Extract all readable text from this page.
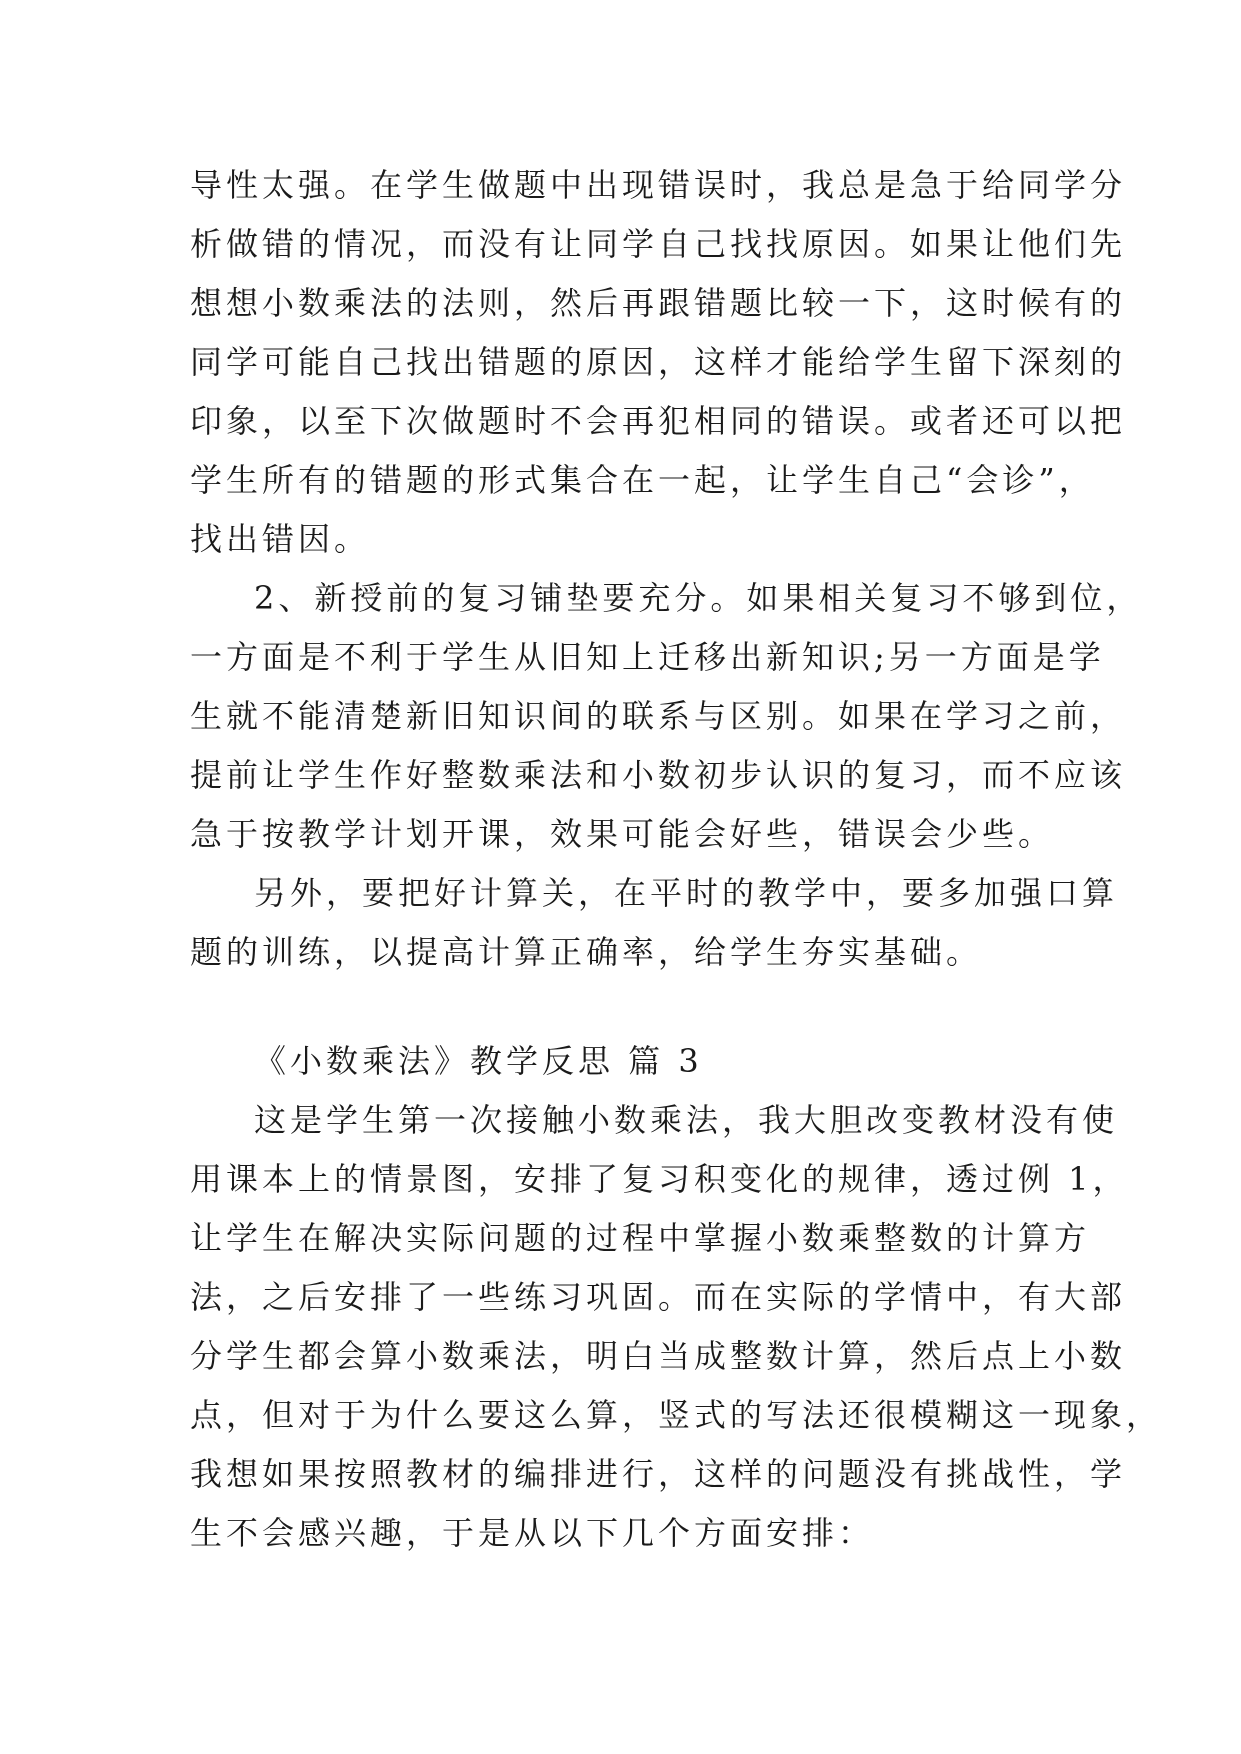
导性太强。在学生做题中出现错误时，我总是急于给同学分
析做错的情况，而没有让同学自己找找原因。如果让他们先
想想小数乘法的法则，然后再跟错题比较一下，这时候有的
同学可能自己找出错题的原因，这样才能给学生留下深刻的
印象，以至下次做题时不会再犯相同的错误。或者还可以把
学生所有的错题的形式集合在一起，让学生自己“会诊”，
找出错因。
2、新授前的复习铺垫要充分。如果相关复习不够到位，
一方面是不利于学生从旧知上迁移出新知识;另一方面是学
生就不能清楚新旧知识间的联系与区别。如果在学习之前，
提前让学生作好整数乘法和小数初步认识的复习，而不应该
急于按教学计划开课，效果可能会好些，错误会少些。
另外，要把好计算关，在平时的教学中，要多加强口算
题的训练，以提高计算正确率，给学生夯实基础。
《小数乘法》教学反思 篇 3
这是学生第一次接触小数乘法，我大胆改变教材没有使
用课本上的情景图，安排了复习积变化的规律，透过例 1，
让学生在解决实际问题的过程中掌握小数乘整数的计算方
法，之后安排了一些练习巩固。而在实际的学情中，有大部
分学生都会算小数乘法，明白当成整数计算，然后点上小数
点，但对于为什么要这么算，竖式的写法还很模糊这一现象，
我想如果按照教材的编排进行，这样的问题没有挑战性，学
生不会感兴趣，于是从以下几个方面安排：
